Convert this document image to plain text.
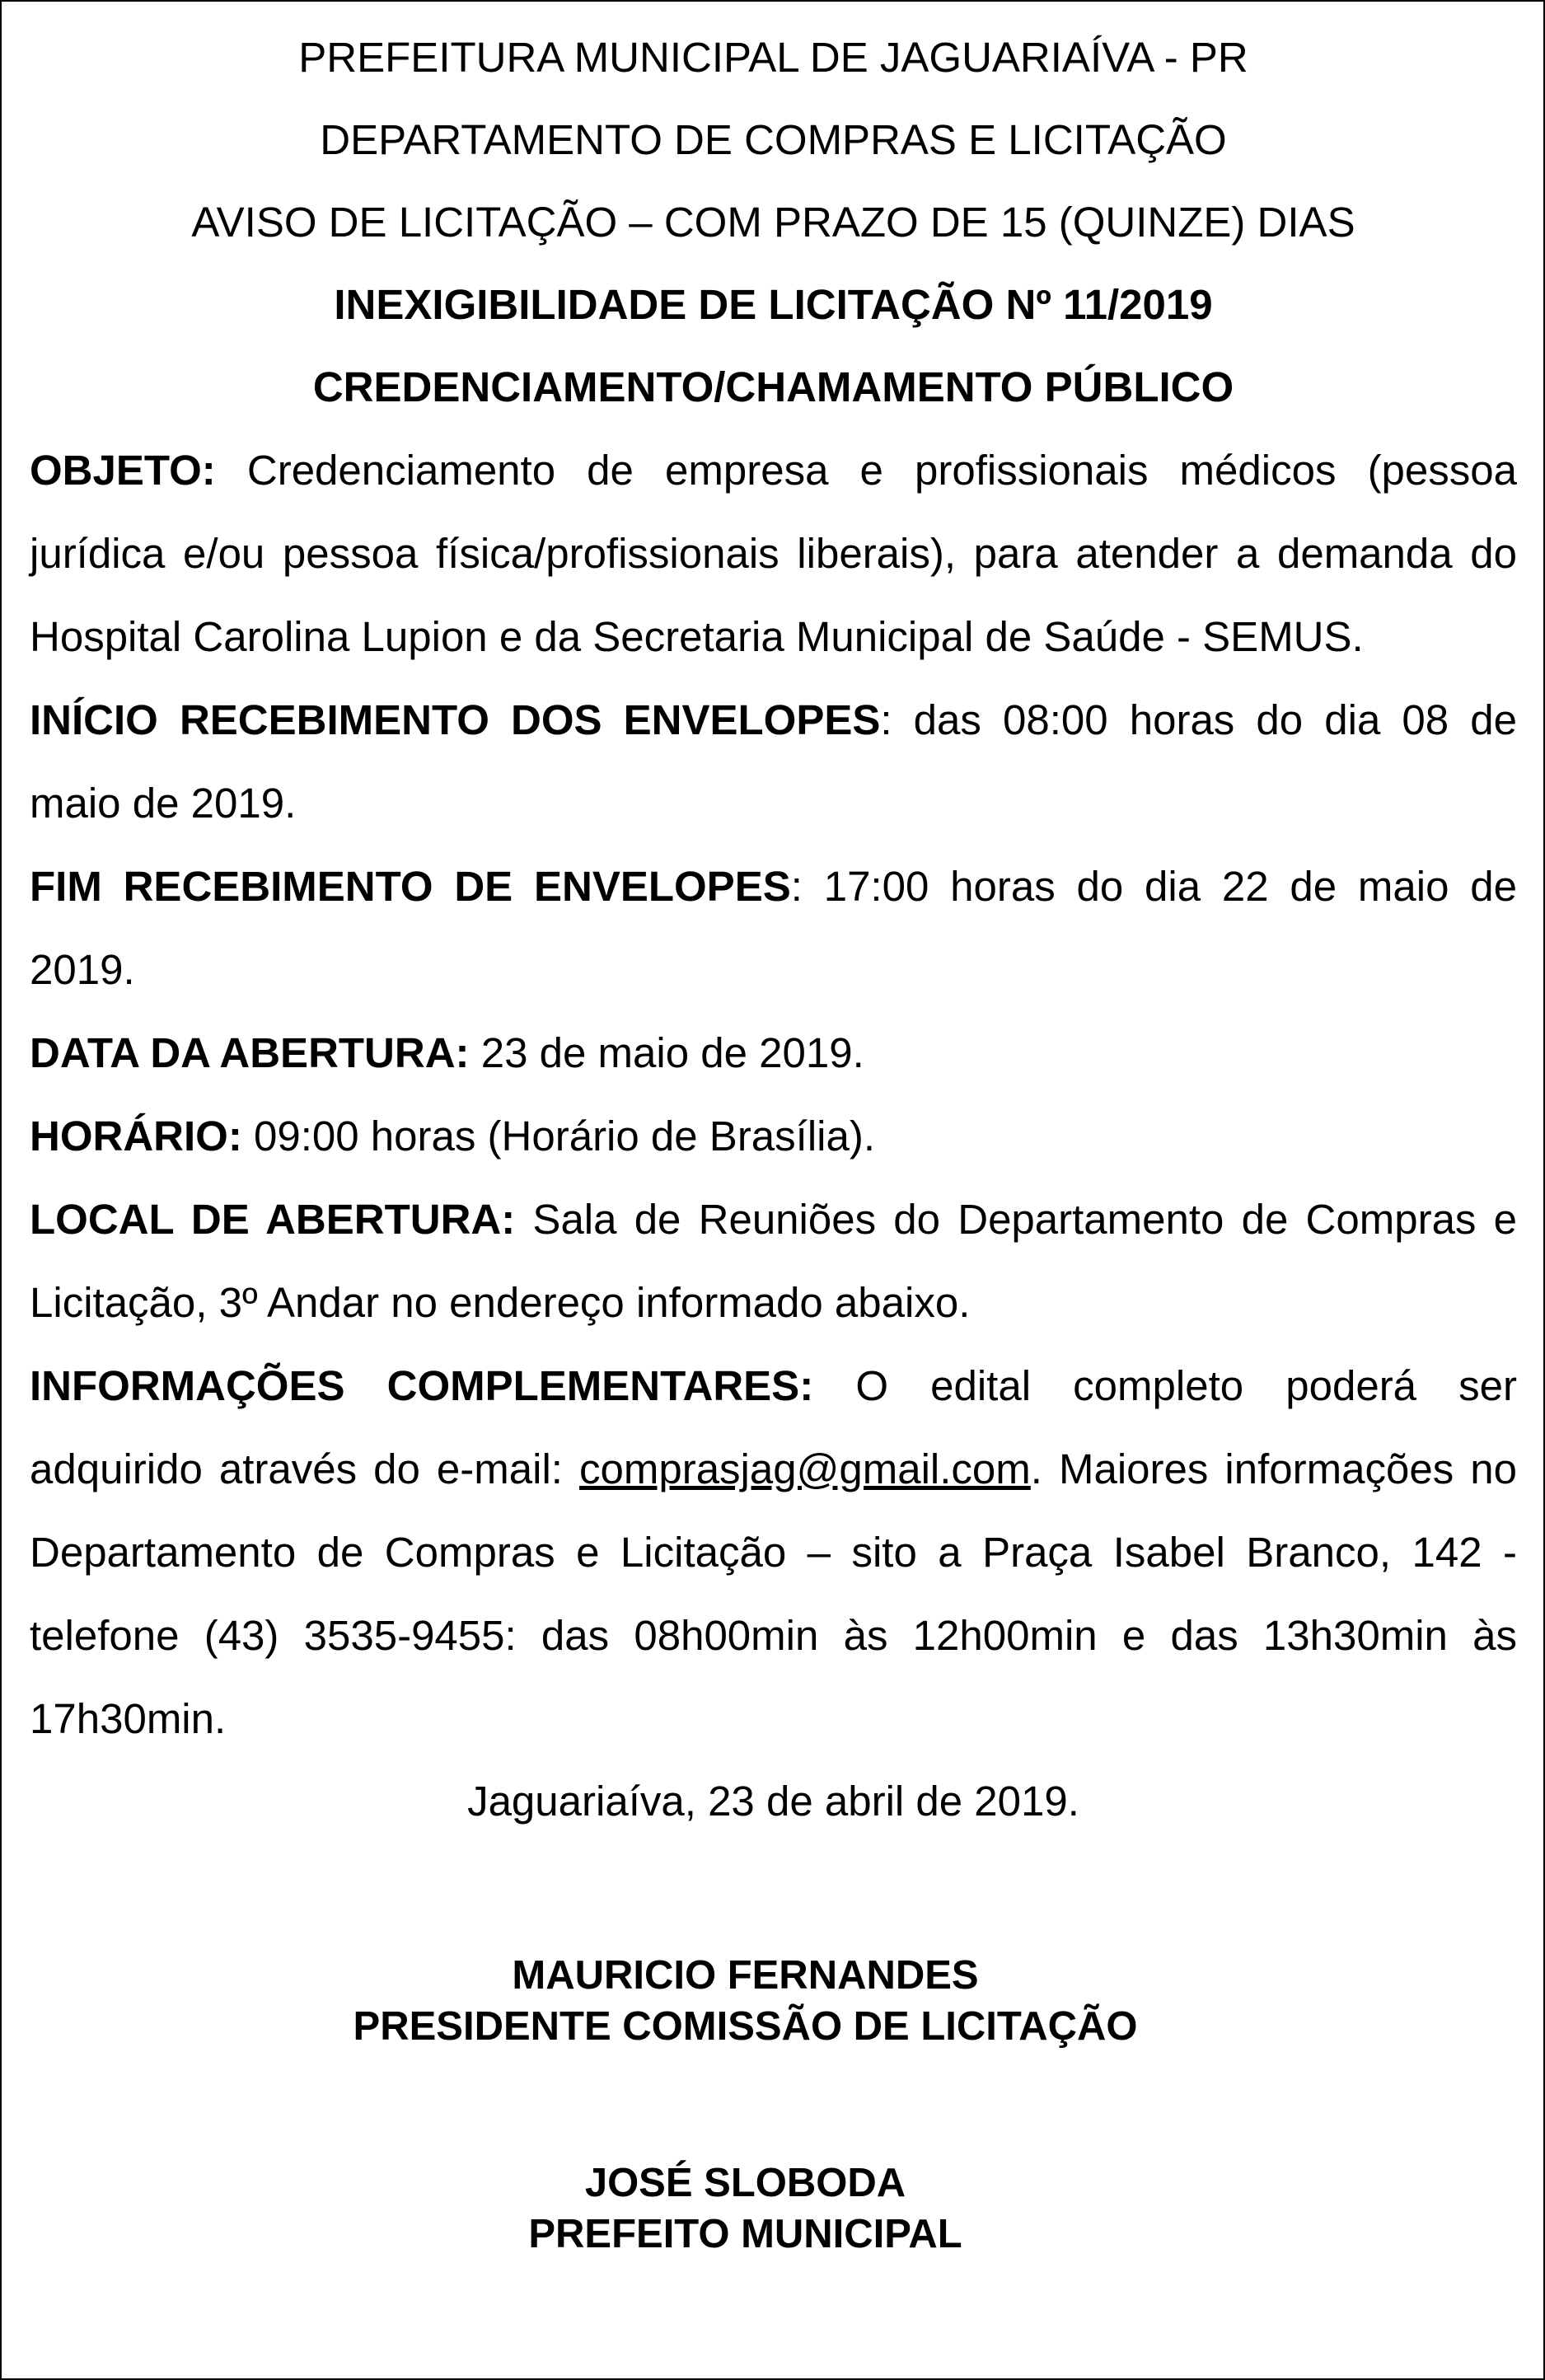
PREFEITURA MUNICIPAL DE JAGUARIAÍVA - PR
DEPARTAMENTO DE COMPRAS E LICITAÇÃO
AVISO DE LICITAÇÃO – COM PRAZO DE 15 (QUINZE) DIAS
INEXIGIBILIDADE DE LICITAÇÃO Nº 11/2019
CREDENCIAMENTO/CHAMAMENTO PÚBLICO

OBJETO: Credenciamento de empresa e profissionais médicos (pessoa jurídica e/ou pessoa física/profissionais liberais), para atender a demanda do Hospital Carolina Lupion e da Secretaria Municipal de Saúde - SEMUS.

INÍCIO RECEBIMENTO DOS ENVELOPES: das 08:00 horas do dia 08 de maio de 2019.

FIM RECEBIMENTO DE ENVELOPES: 17:00 horas do dia 22 de maio de 2019.

DATA DA ABERTURA: 23 de maio de 2019.

HORÁRIO: 09:00 horas (Horário de Brasília).

LOCAL DE ABERTURA: Sala de Reuniões do Departamento de Compras e Licitação, 3º Andar no endereço informado abaixo.

INFORMAÇÕES COMPLEMENTARES: O edital completo poderá ser adquirido através do e-mail: comprasjag@gmail.com. Maiores informações no Departamento de Compras e Licitação – sito a Praça Isabel Branco, 142 - telefone (43) 3535-9455: das 08h00min às 12h00min e das 13h30min às 17h30min.

Jaguariaíva, 23 de abril de 2019.
MAURICIO FERNANDES
PRESIDENTE COMISSÃO DE LICITAÇÃO
JOSÉ SLOBODA
PREFEITO MUNICIPAL
